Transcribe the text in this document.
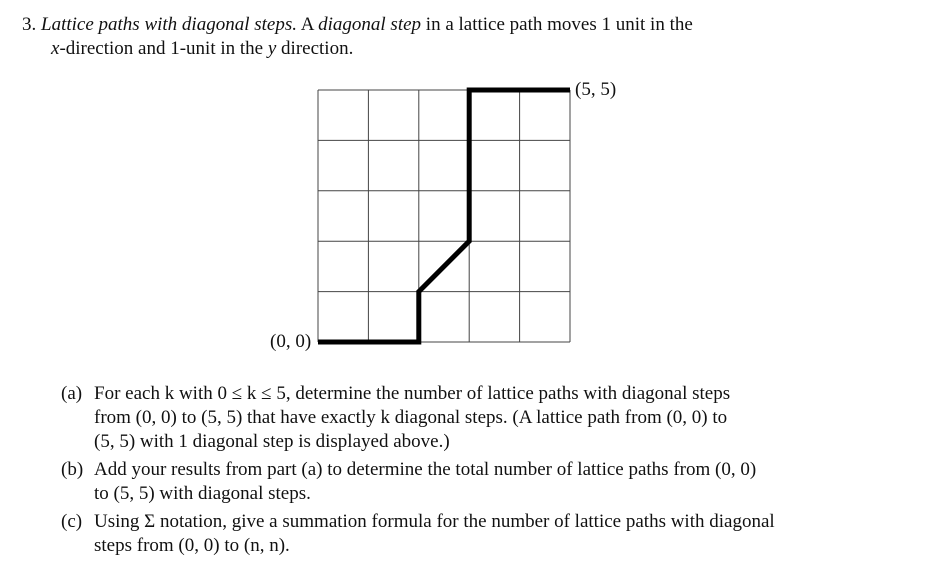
3. Lattice paths with diagonal steps. A diagonal step in a lattice path moves 1 unit in the
x-direction and 1-unit in the y direction.
(5, 5)
(0, 0)
(a) For each k with 0 ≤ k ≤ 5, determine the number of lattice paths with diagonal steps
from (0, 0) to (5, 5) that have exactly k diagonal steps. (A lattice path from (0, 0) to
(5, 5) with 1 diagonal step is displayed above.)
(b) Add your results from part (a) to determine the total number of lattice paths from (0, 0)
to (5, 5) with diagonal steps.
(c) Using Σ notation, give a summation formula for the number of lattice paths with diagonal
steps from (0, 0) to (n, n).
